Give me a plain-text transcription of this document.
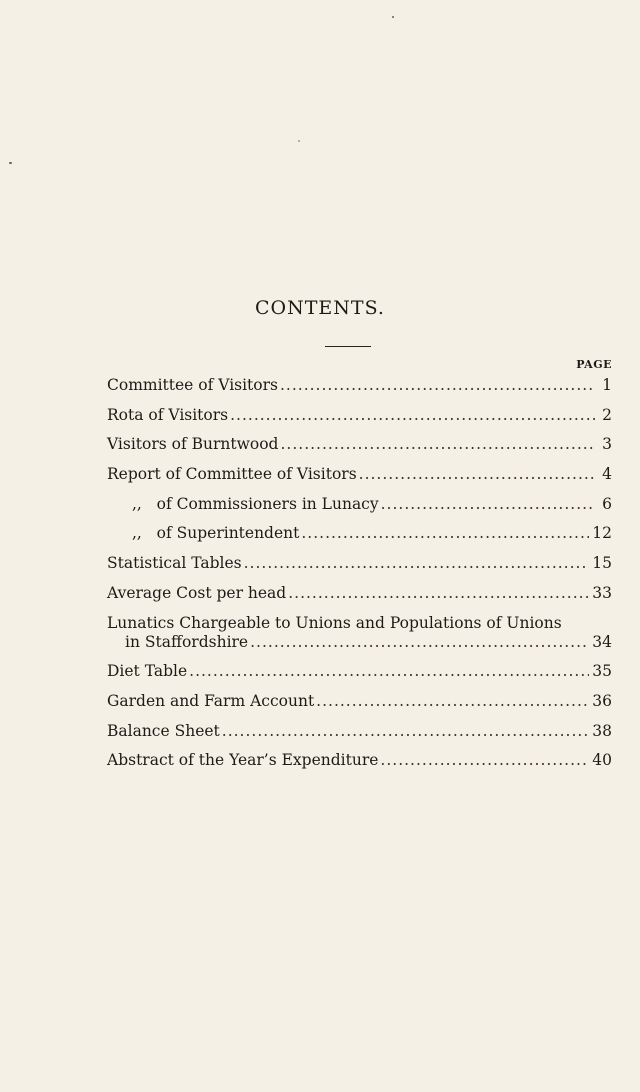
CONTENTS.
PAGE
Committee of Visitors .....	1
Rota of Visitors .....	2
Visitors of Burntwood .....	3
Report of Committee of Visitors .....	4
,,   of Commissioners in Lunacy .....	6
,,   of Superintendent .....	12
Statistical Tables .....	15
Average Cost per head .....	33
Lunatics Chargeable to Unions and Populations of Unions
in Staffordshire .....	34
Diet Table .....	35
Garden and Farm Account .....	36
Balance Sheet .....	38
Abstract of the Year’s Expenditure .....	40
